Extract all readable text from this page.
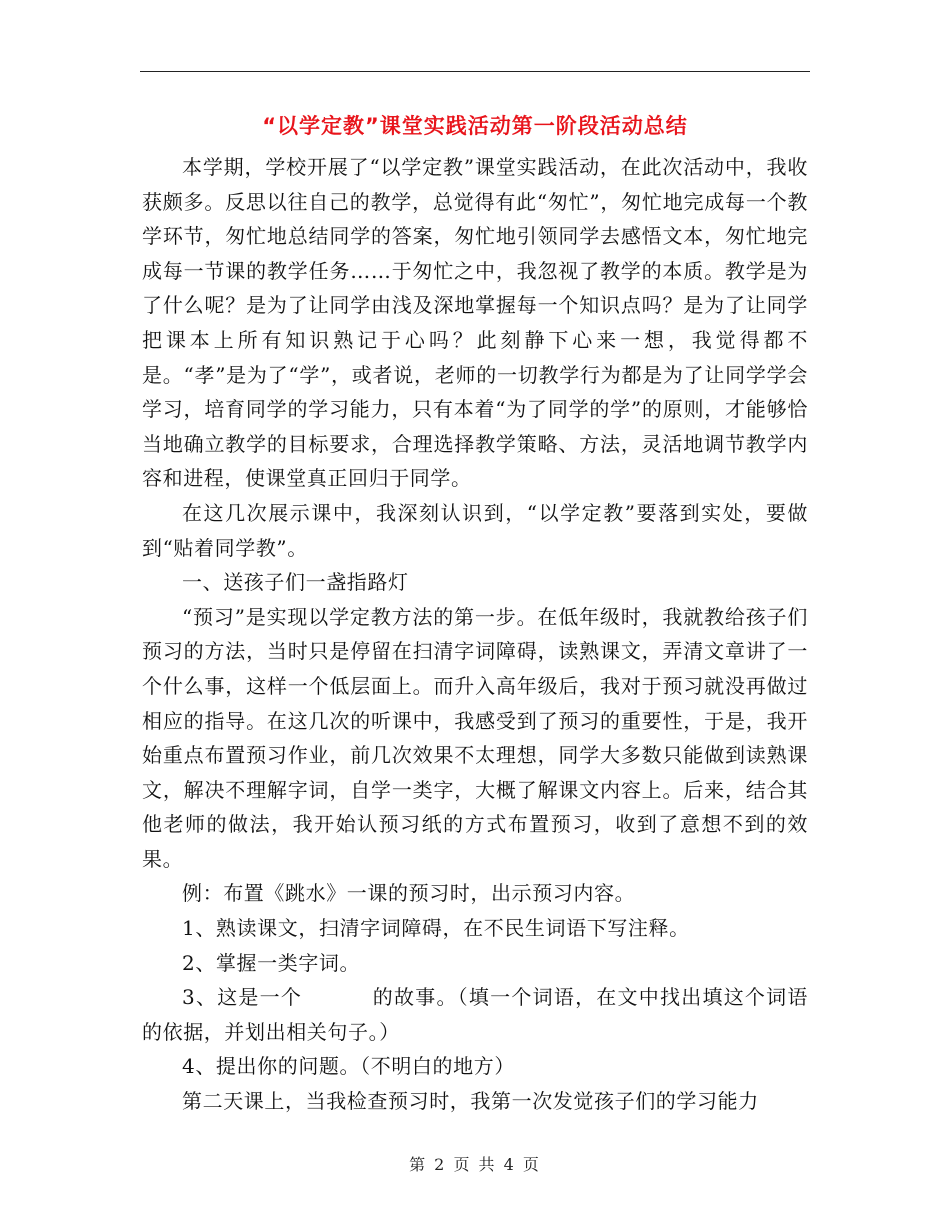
“以学定教”课堂实践活动第一阶段活动总结

本学期，学校开展了“以学定教”课堂实践活动，在此次活动中，我收获颇多。反思以往自己的教学，总觉得有此“匆忙”，匆忙地完成每一个教学环节，匆忙地总结同学的答案，匆忙地引领同学去感悟文本，匆忙地完成每一节课的教学任务……于匆忙之中，我忽视了教学的本质。教学是为了什么呢？是为了让同学由浅及深地掌握每一个知识点吗？是为了让同学把课本上所有知识熟记于心吗？此刻静下心来一想，我觉得都不是。“孝”是为了“学”，或者说，老师的一切教学行为都是为了让同学学会学习，培育同学的学习能力，只有本着“为了同学的学”的原则，才能够恰当地确立教学的目标要求，合理选择教学策略、方法，灵活地调节教学内容和进程，使课堂真正回归于同学。

在这几次展示课中，我深刻认识到，“以学定教”要落到实处，要做到“贴着同学教”。

一、送孩子们一盏指路灯

“预习”是实现以学定教方法的第一步。在低年级时，我就教给孩子们预习的方法，当时只是停留在扫清字词障碍，读熟课文，弄清文章讲了一个什么事，这样一个低层面上。而升入高年级后，我对于预习就没再做过相应的指导。在这几次的听课中，我感受到了预习的重要性，于是，我开始重点布置预习作业，前几次效果不太理想，同学大多数只能做到读熟课文，解决不理解字词，自学一类字，大概了解课文内容上。后来，结合其他老师的做法，我开始认预习纸的方式布置预习，收到了意想不到的效果。

例：布置《跳水》一课的预习时，出示预习内容。

1、熟读课文，扫清字词障碍，在不民生词语下写注释。

2、掌握一类字词。

3、这是一个	的故事。（填一个词语，在文中找出填这个词语的依据，并划出相关句子。）

4、提出你的问题。（不明白的地方）

第二天课上，当我检查预习时，我第一次发觉孩子们的学习能力

第 2 页 共 4 页
